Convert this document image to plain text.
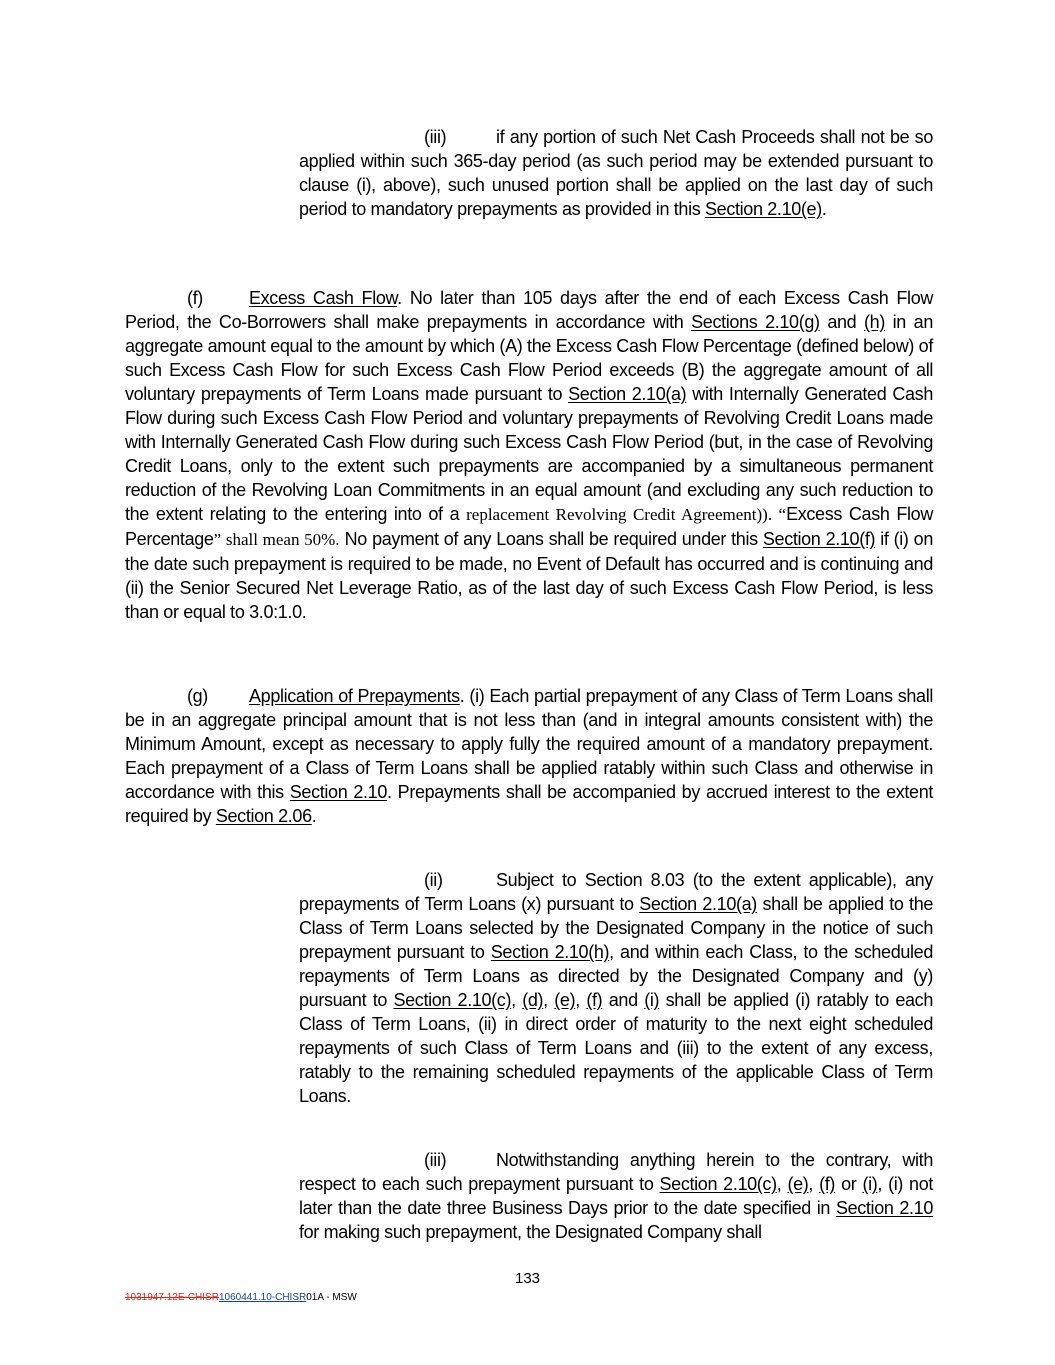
(iii)	if any portion of such Net Cash Proceeds shall not be so applied within such 365-day period (as such period may be extended pursuant to clause (i), above), such unused portion shall be applied on the last day of such period to mandatory prepayments as provided in this Section 2.10(e).
(f)	Excess Cash Flow. No later than 105 days after the end of each Excess Cash Flow Period, the Co-Borrowers shall make prepayments in accordance with Sections 2.10(g) and (h) in an aggregate amount equal to the amount by which (A) the Excess Cash Flow Percentage (defined below) of such Excess Cash Flow for such Excess Cash Flow Period exceeds (B) the aggregate amount of all voluntary prepayments of Term Loans made pursuant to Section 2.10(a) with Internally Generated Cash Flow during such Excess Cash Flow Period and voluntary prepayments of Revolving Credit Loans made with Internally Generated Cash Flow during such Excess Cash Flow Period (but, in the case of Revolving Credit Loans, only to the extent such prepayments are accompanied by a simultaneous permanent reduction of the Revolving Loan Commitments in an equal amount (and excluding any such reduction to the extent relating to the entering into of a replacement Revolving Credit Agreement)). “Excess Cash Flow Percentage” shall mean 50%. No payment of any Loans shall be required under this Section 2.10(f) if (i) on the date such prepayment is required to be made, no Event of Default has occurred and is continuing and (ii) the Senior Secured Net Leverage Ratio, as of the last day of such Excess Cash Flow Period, is less than or equal to 3.0:1.0.
(g) Application of Prepayments. (i) Each partial prepayment of any Class of Term Loans shall be in an aggregate principal amount that is not less than (and in integral amounts consistent with) the Minimum Amount, except as necessary to apply fully the required amount of a mandatory prepayment. Each prepayment of a Class of Term Loans shall be applied ratably within such Class and otherwise in accordance with this Section 2.10. Prepayments shall be accompanied by accrued interest to the extent required by Section 2.06.
(ii)	Subject to Section 8.03 (to the extent applicable), any prepayments of Term Loans (x) pursuant to Section 2.10(a) shall be applied to the Class of Term Loans selected by the Designated Company in the notice of such prepayment pursuant to Section 2.10(h), and within each Class, to the scheduled repayments of Term Loans as directed by the Designated Company and (y) pursuant to Section 2.10(c), (d), (e), (f) and (i) shall be applied (i) ratably to each Class of Term Loans, (ii) in direct order of maturity to the next eight scheduled repayments of such Class of Term Loans and (iii) to the extent of any excess, ratably to the remaining scheduled repayments of the applicable Class of Term Loans.
(iii)	Notwithstanding anything herein to the contrary, with respect to each such prepayment pursuant to Section 2.10(c), (e), (f) or (i), (i) not later than the date three Business Days prior to the date specified in Section 2.10 for making such prepayment, the Designated Company shall
133
1031947.12E-CHISR1060441.10-CHISR01A - MSW
